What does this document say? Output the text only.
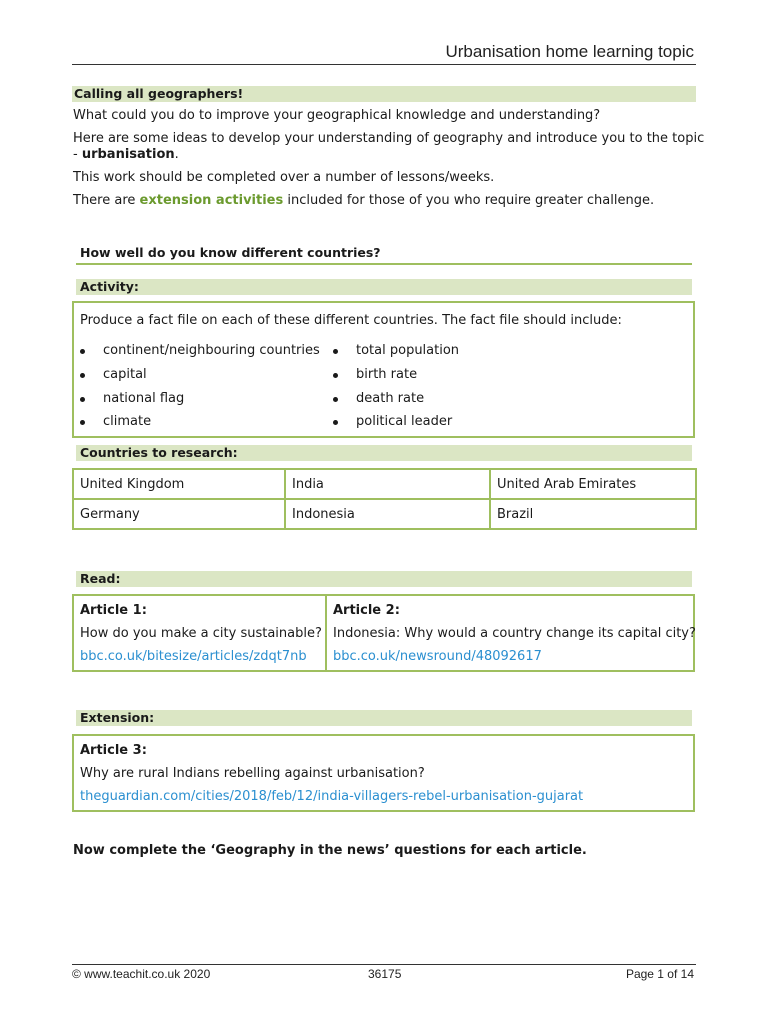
Urbanisation home learning topic
Calling all geographers!
What could you do to improve your geographical knowledge and understanding?
Here are some ideas to develop your understanding of geography and introduce you to the topic
- urbanisation.
This work should be completed over a number of lessons/weeks.
There are extension activities included for those of you who require greater challenge.
How well do you know different countries?
Activity:
Produce a fact file on each of these different countries. The fact file should include:
continent/neighbouring countries
capital
national flag
climate
total population
birth rate
death rate
political leader
Countries to research:
United Kingdom	India	United Arab Emirates
Germany	Indonesia	Brazil
Read:
Article 1:
How do you make a city sustainable?
bbc.co.uk/bitesize/articles/zdqt7nb
Article 2:
Indonesia: Why would a country change its capital city?
bbc.co.uk/newsround/48092617
Extension:
Article 3:
Why are rural Indians rebelling against urbanisation?
theguardian.com/cities/2018/feb/12/india-villagers-rebel-urbanisation-gujarat
Now complete the ‘Geography in the news’ questions for each article.
© www.teachit.co.uk 2020	36175	Page 1 of 14
